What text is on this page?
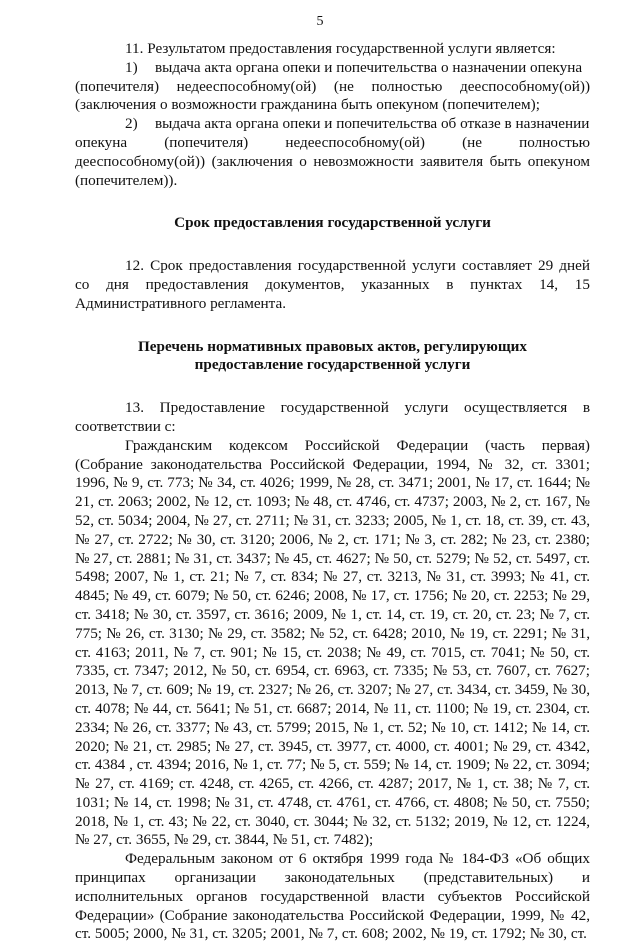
5

11. Результатом предоставления государственной услуги является:

1) выдача акта органа опеки и попечительства о назначении опекуна

(попечителя) недееспособному(ой) (не полностью дееспособному(ой)) (заключения о возможности гражданина быть опекуном (попечителем);

2) выдача акта органа опеки и попечительства об отказе в назначении

опекуна (попечителя) недееспособному(ой) (не полностью дееспособному(ой)) (заключения о невозможности заявителя быть опекуном (попечителем)).

Срок предоставления государственной услуги

12. Срок предоставления государственной услуги составляет 29 дней со дня предоставления документов, указанных в пунктах 14, 15 Административного регламента.

Перечень нормативных правовых актов, регулирующих

предоставление государственной услуги

13. Предоставление государственной услуги осуществляется в соответствии с:

Гражданским кодексом Российской Федерации (часть первая) (Собрание законодательства Российской Федерации, 1994, № 32, ст. 3301; 1996, № 9, ст. 773; № 34, ст. 4026; 1999, № 28, ст. 3471; 2001, № 17, ст. 1644; № 21, ст. 2063; 2002, № 12, ст. 1093; № 48, ст. 4746, ст. 4737; 2003, № 2, ст. 167, № 52, ст. 5034; 2004, № 27, ст. 2711; № 31, ст. 3233; 2005, № 1, ст. 18, ст. 39, ст. 43, № 27, ст. 2722; № 30, ст. 3120; 2006, № 2, ст. 171; № 3, ст. 282; № 23, ст. 2380; № 27, ст. 2881; № 31, ст. 3437; № 45, ст. 4627; № 50, ст. 5279; № 52, ст. 5497, ст. 5498; 2007, № 1, ст. 21; № 7, ст. 834; № 27, ст. 3213, № 31, ст. 3993; № 41, ст. 4845; № 49, ст. 6079; № 50, ст. 6246; 2008, № 17, ст. 1756; № 20, ст. 2253; № 29, ст. 3418; № 30, ст. 3597, ст. 3616; 2009, № 1, ст. 14, ст. 19, ст. 20, ст. 23; № 7, ст. 775; № 26, ст. 3130; № 29, ст. 3582; № 52, ст. 6428; 2010, № 19, ст. 2291; № 31, ст. 4163; 2011, № 7, ст. 901; № 15, ст. 2038; № 49, ст. 7015, ст. 7041; № 50, ст. 7335, ст. 7347; 2012, № 50, ст. 6954, ст. 6963, ст. 7335; № 53, ст. 7607, ст. 7627; 2013, № 7, ст. 609; № 19, ст. 2327; № 26, ст. 3207; № 27, ст. 3434, ст. 3459, № 30, ст. 4078; № 44, ст. 5641; № 51, ст. 6687; 2014, № 11, ст. 1100; № 19, ст. 2304, ст. 2334; № 26, ст. 3377; № 43, ст. 5799; 2015, № 1, ст. 52; № 10, ст. 1412; № 14, ст. 2020; № 21, ст. 2985; № 27, ст. 3945, ст. 3977, ст. 4000, ст. 4001; № 29, ст. 4342, ст. 4384 , ст. 4394; 2016, № 1, ст. 77; № 5, ст. 559; № 14, ст. 1909; № 22, ст. 3094; № 27, ст. 4169; ст. 4248, ст. 4265, ст. 4266, ст. 4287; 2017, № 1, ст. 38; № 7, ст. 1031; № 14, ст. 1998; № 31, ст. 4748, ст. 4761, ст. 4766, ст. 4808; № 50, ст. 7550; 2018, № 1, ст. 43; № 22, ст. 3040, ст. 3044; № 32, ст. 5132; 2019, № 12, ст. 1224, № 27, ст. 3655, № 29, ст. 3844, № 51, ст. 7482);

Федеральным законом от 6 октября 1999 года № 184-ФЗ «Об общих принципах организации законодательных (представительных) и исполнительных органов государственной власти субъектов Российской Федерации» (Собрание законодательства Российской Федерации, 1999, № 42, ст. 5005; 2000, № 31, ст. 3205; 2001, № 7, ст. 608; 2002, № 19, ст. 1792; № 30, ст.
